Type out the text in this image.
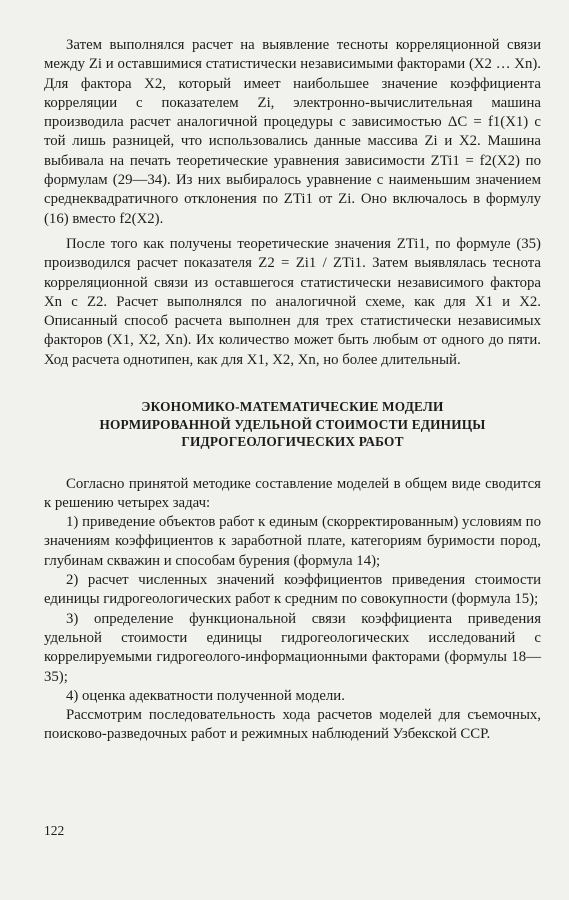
Затем выполнялся расчет на выявление тесноты корреляционной связи между Zi и оставшимися статистически независимыми факторами (X2 … Xn). Для фактора X2, который имеет наибольшее значение коэффициента корреляции с показателем Zi, электронно-вычислительная машина производила расчет аналогичной процедуры с зависимостью ΔC = f1(X1) с той лишь разницей, что использовались данные массива Zi и X2. Машина выбивала на печать теоретические уравнения зависимости ZTi1 = f2(X2) по формулам (29—34). Из них выбиралось уравнение с наименьшим значением среднеквадратичного отклонения по ZTi1 от Zi. Оно включалось в формулу (16) вместо f2(X2).

После того как получены теоретические значения ZTi1, по формуле (35) производился расчет показателя Z2 = Zi1 / ZTi1. Затем выявлялась теснота корреляционной связи из оставшегося статистически независимого фактора Xn с Z2. Расчет выполнялся по аналогичной схеме, как для X1 и X2. Описанный способ расчета выполнен для трех статистически независимых факторов (X1, X2, Xn). Их количество может быть любым от одного до пяти. Ход расчета однотипен, как для X1, X2, Xn, но более длительный.

ЭКОНОМИКО-МАТЕМАТИЧЕСКИЕ МОДЕЛИ
НОРМИРОВАННОЙ УДЕЛЬНОЙ СТОИМОСТИ ЕДИНИЦЫ
ГИДРОГЕОЛОГИЧЕСКИХ РАБОТ

Согласно принятой методике составление моделей в общем виде сводится к решению четырех задач:

1) приведение объектов работ к единым (скорректированным) условиям по значениям коэффициентов к заработной плате, категориям буримости пород, глубинам скважин и способам бурения (формула 14);

2) расчет численных значений коэффициентов приведения стоимости единицы гидрогеологических работ к средним по совокупности (формула 15);

3) определение функциональной связи коэффициента приведения удельной стоимости единицы гидрогеологических исследований с коррелируемыми гидрогеолого-информационными факторами (формулы 18—35);

4) оценка адекватности полученной модели.

Рассмотрим последовательность хода расчетов моделей для съемочных, поисково-разведочных работ и режимных наблюдений Узбекской ССР.

122
